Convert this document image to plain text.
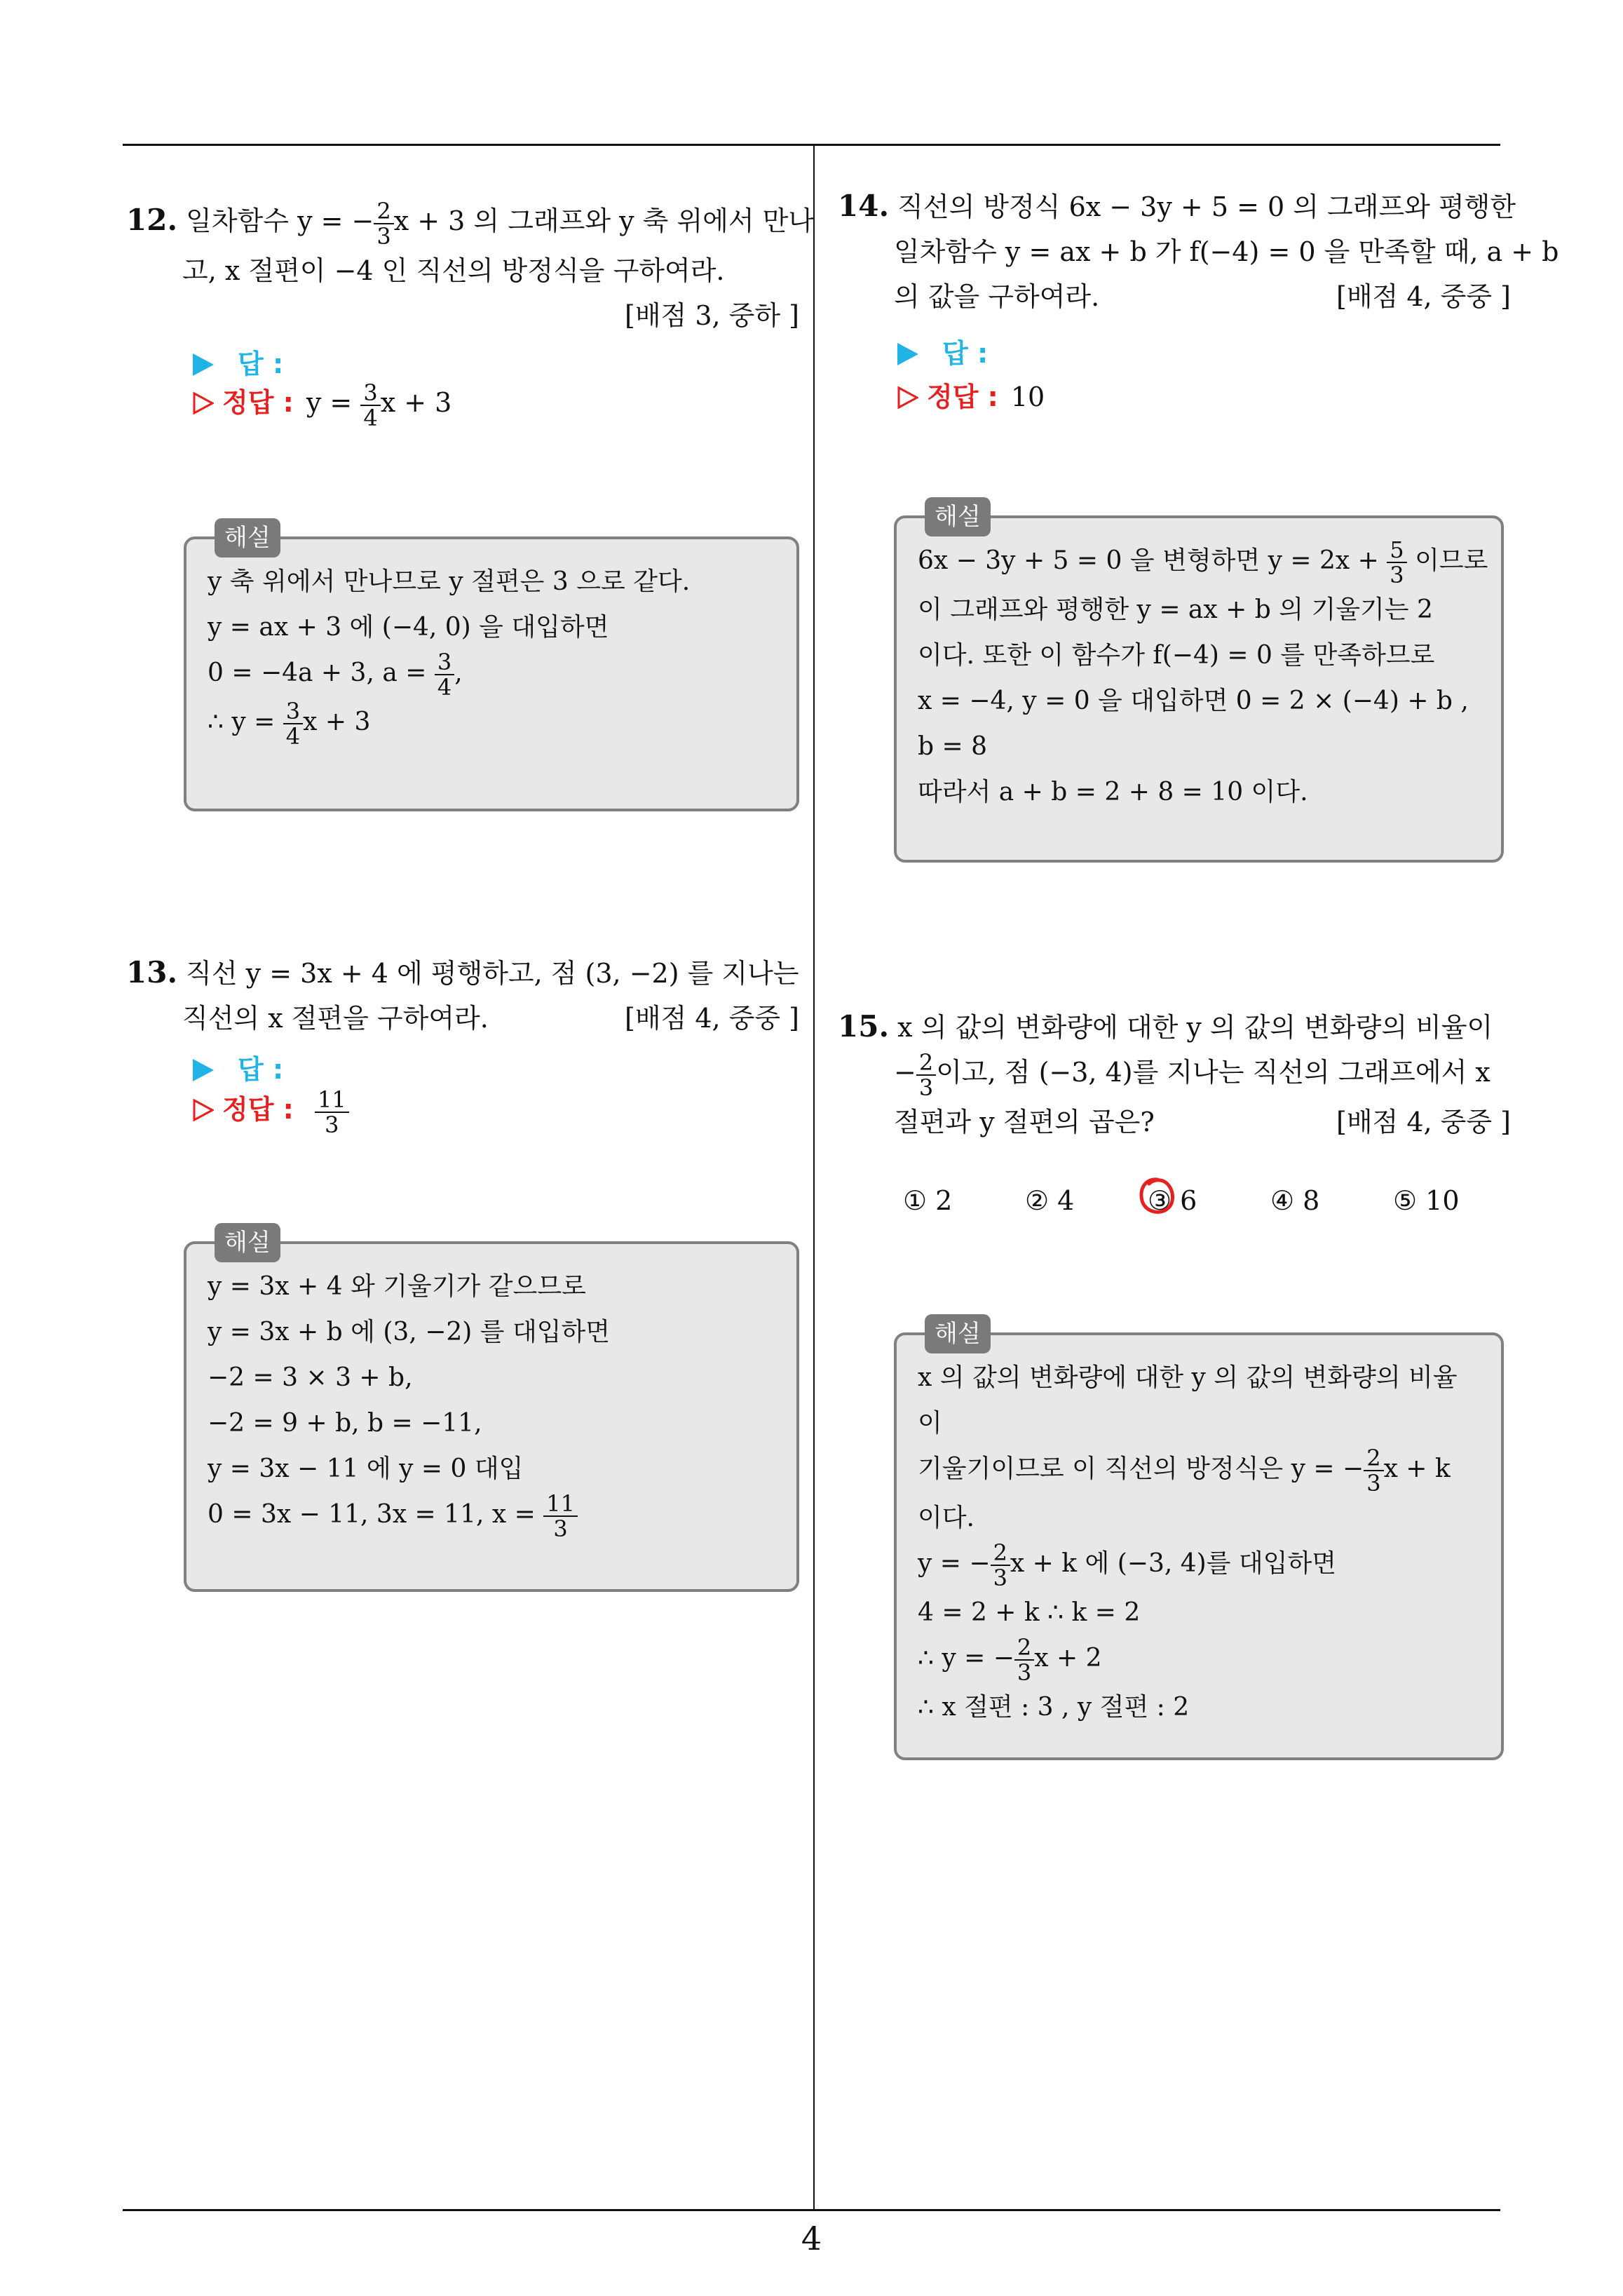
4
12. 일차함수 y = − $\frac{2}{3}$ x + 3 의 그래프와 y 축 위에서 만나
고, x 절편이 −4 인 직선의 방정식을 구하여라.
[배점 3, 중하 ]
답 :
정답 : $y = \frac{3}{4}$ x + 3
해설
y 축 위에서 만나므로 y 절편은 3 으로 같다.
y = ax + 3 에 (−4, 0) 을 대입하면
0 = −4a + 3, $a = \frac{3}{4}$ ,
∴ $y = \frac{3}{4}$ x + 3
13. 직선 y = 3x + 4 에 평행하고, 점 (3, −2) 를 지나는
직선의 x 절편을 구하여라.	[배점 4, 중중 ]
답 :
정답 : $\frac{11}{3}$
해설
y = 3x + 4 와 기울기가 같으므로
y = 3x + b 에 (3, −2) 를 대입하면
−2 = 3 × 3 + b,
−2 = 9 + b, b = −11,
y = 3x − 11 에 y = 0 대입
0 = 3x − 11, 3x = 11, $x = \frac{11}{3}$
14. 직선의 방정식 6x − 3y + 5 = 0 의 그래프와 평행한
일차함수 y = ax + b 가 f(−4) = 0 을 만족할 때, a + b
의 값을 구하여라.	[배점 4, 중중 ]
답 :
정답 : 10
해설
6x − 3y + 5 = 0 을 변형하면 $y = 2x + \frac{5}{3}$ 이므로
이 그래프와 평행한 y = ax + b 의 기울기는 2
이다. 또한 이 함수가 f(−4) = 0 를 만족하므로
x = −4, y = 0 을 대입하면 0 = 2 × (−4) + b ,
b = 8
따라서 a + b = 2 + 8 = 10 이다.
15. x 의 값의 변화량에 대한 y 의 값의 변화량의 비율이
− $\frac{2}{3}$ 이고, 점 (−3, 4)를 지나는 직선의 그래프에서 x
절편과 y 절편의 곱은?	[배점 4, 중중 ]
① 2	② 4	③ 6	④ 8	⑤ 10
해설
x 의 값의 변화량에 대한 y 의 값의 변화량의 비율
이
기울기이므로 이 직선의 방정식은 y = − $\frac{2}{3}$ x + k
이다.
y = − $\frac{2}{3}$ x + k 에 (−3, 4)를 대입하면
4 = 2 + k ∴ k = 2
∴ y = − $\frac{2}{3}$ x + 2
∴ x 절편 : 3 , y 절편 : 2
